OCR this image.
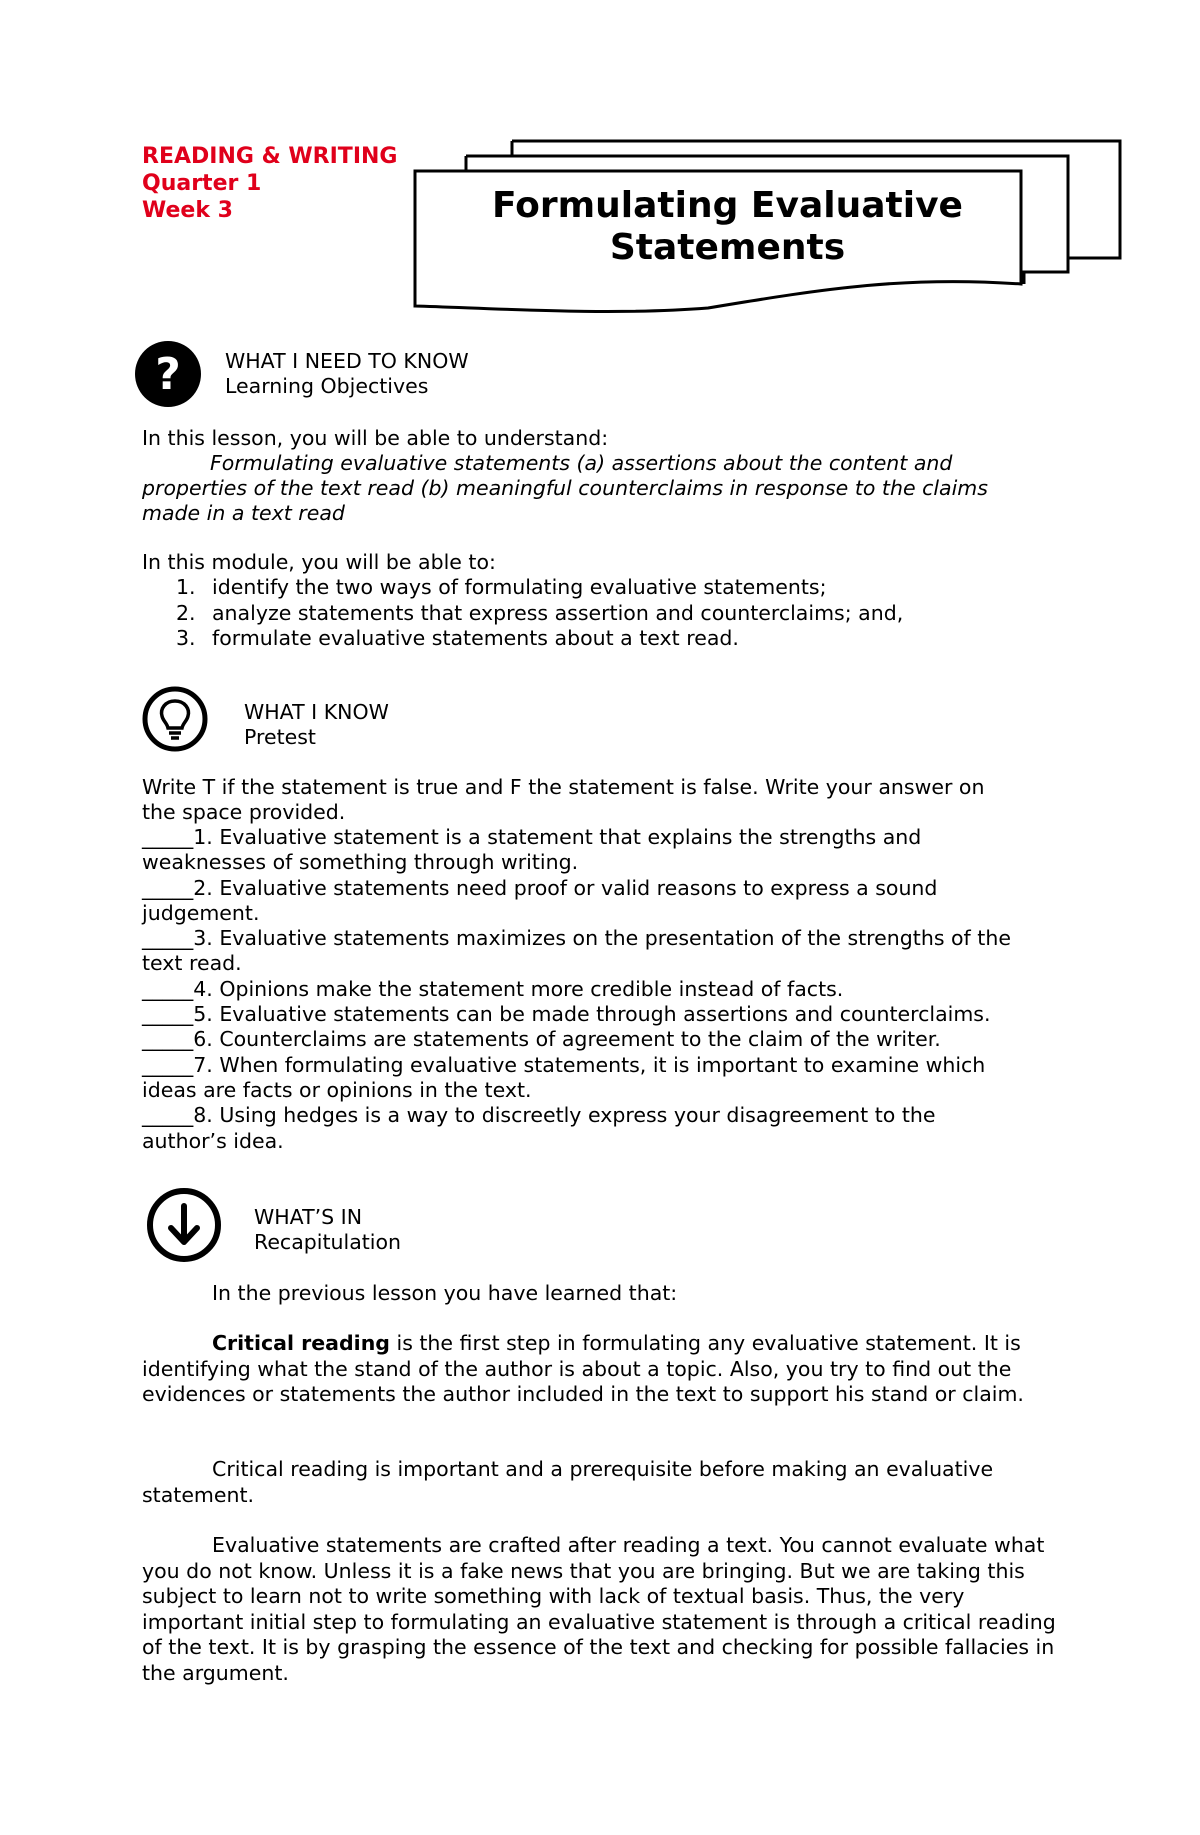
READING & WRITING
Quarter 1
Week 3	Formulating Evaluative
Statements
? WHAT I NEED TO KNOW
Learning Objectives
In this lesson, you will be able to understand:
Formulating evaluative statements (a) assertions about the content and
properties of the text read (b) meaningful counterclaims in response to the claims
made in a text read
In this module, you will be able to:
1. identify the two ways of formulating evaluative statements;
2. analyze statements that express assertion and counterclaims; and,
3. formulate evaluative statements about a text read.
WHAT I KNOW
Pretest
Write T if the statement is true and F the statement is false. Write your answer on
the space provided.
_____1. Evaluative statement is a statement that explains the strengths and
weaknesses of something through writing.
_____2. Evaluative statements need proof or valid reasons to express a sound
judgement.
_____3. Evaluative statements maximizes on the presentation of the strengths of the
text read.
_____4. Opinions make the statement more credible instead of facts.
_____5. Evaluative statements can be made through assertions and counterclaims.
_____6. Counterclaims are statements of agreement to the claim of the writer.
_____7. When formulating evaluative statements, it is important to examine which
ideas are facts or opinions in the text.
_____8. Using hedges is a way to discreetly express your disagreement to the
author’s idea.
WHAT’S IN
Recapitulation
In the previous lesson you have learned that:
Critical reading is the first step in formulating any evaluative statement. It is identifying what the stand of the author is about a topic. Also, you try to find out the evidences or statements the author included in the text to support his stand or claim.
Critical reading is important and a prerequisite before making an evaluative statement.
Evaluative statements are crafted after reading a text. You cannot evaluate what you do not know. Unless it is a fake news that you are bringing. But we are taking this subject to learn not to write something with lack of textual basis. Thus, the very important initial step to formulating an evaluative statement is through a critical reading of the text. It is by grasping the essence of the text and checking for possible fallacies in the argument.
